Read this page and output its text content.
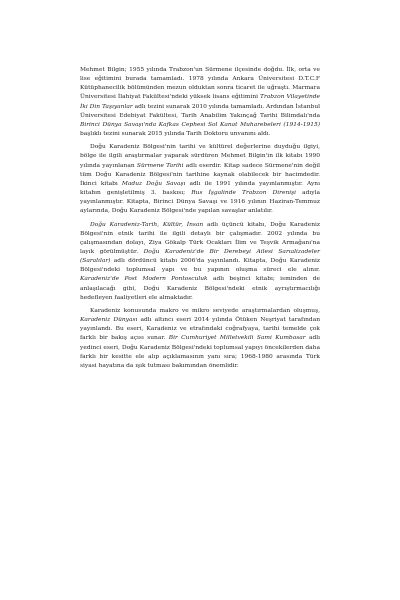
Mehmet Bilgin; 1955 yılında Trabzon'un Sürmene ilçesinde doğdu. İlk, orta ve lise eğitimini burada tamamladı. 1978 yılında Ankara Üniversitesi D.T.C.F Kütüphanecilik bölümünden mezun olduktan sonra ticaret ile uğraştı. Marmara Üniversitesi İlahiyat Fakültesi'ndeki yüksek lisans eğitimini Trabzon Vilayetinde İki Din Taşıyanlar adlı tezini sunarak 2010 yılında tamamladı. Ardından İstanbul Üniversitesi Edebiyat Fakültesi, Tarih Anabilim Yakınçağ Tarihi Bilimdalı'nda Birinci Dünya Savaşı'nda Kafkas Cephesi Sol Kanat Muharebeleri (1914-1915) başlıklı tezini sunarak 2015 yılında Tarih Doktoru unvanını aldı.

Doğu Karadeniz Bölgesi'nin tarihi ve kültürel değerlerine duyduğu ilgiyi, bölge ile ilgili araştırmalar yaparak sürdüren Mehmet Bilgin'in ilk kitabı 1990 yılında yayınlanan Sürmene Tarihi adlı eserdir. Kitap sadece Sürmene'nin değil tüm Doğu Karadeniz Bölgesi'nin tarihine kaynak olabilecek bir hacimdedir. İkinci kitabı Maduz Doğu Savaşı adlı ile 1991 yılında yayınlanmıştır. Aynı kitabın genişletilmiş 3. baskısı; Rus İşgalinde Trabzon Direnişi adıyla yayınlanmıştır. Kitapta, Birinci Dünya Savaşı ve 1916 yılının Haziran-Temmuz aylarında, Doğu Karadeniz Bölgesi'nde yapılan savaşlar anlatılır.

Doğu Karadeniz-Tarih, Kültür, İnsan adlı üçüncü kitabı, Doğu Karadeniz Bölgesi'nin etnik tarihi ile ilgili detaylı bir çalışmadır. 2002 yılında bu çalışmasından dolayı, Ziya Gökalp Türk Ocakları İlim ve Teşvik Armağanı'na layık görülmüştür. Doğu Karadeniz'de Bir Derebeyi Ailesi Sarıalizadeler (Saralılar) adlı dördüncü kitabı 2006'da yayınlandı. Kitapta, Doğu Karadeniz Bölgesi'ndeki toplumsal yapı ve bu yapının oluşma süreci ele alınır. Karadeniz'de Post Modern Pontosculuk adlı beşinci kitabı; isminden de anlaşılacağı gibi, Doğu Karadeniz Bölgesi'ndeki etnik ayrıştırmacılığı hedefleyen faaliyetleri ele almaktadır.

Karadeniz konusunda makro ve mikro seviyede araştırmalardan oluşmuş, Karadeniz Dünyası adlı altıncı eseri 2014 yılında Ötüken Neşriyat tarafından yayınlandı. Bu eseri, Karadeniz ve etrafındaki coğrafyaya, tarihi temelde çok farklı bir bakış açısı sunar. Bir Cumhuriyet Milletvekili Sami Kumbasar adlı yedinci eseri, Doğu Karadeniz Bölgesi'ndeki toplumsal yapıyı öncekilerden daha farklı bir kesitte ele alıp açıklamasının yanı sıra; 1968-1980 arasında Türk siyasi hayatına da ışık tutması bakımından önemlidir.
